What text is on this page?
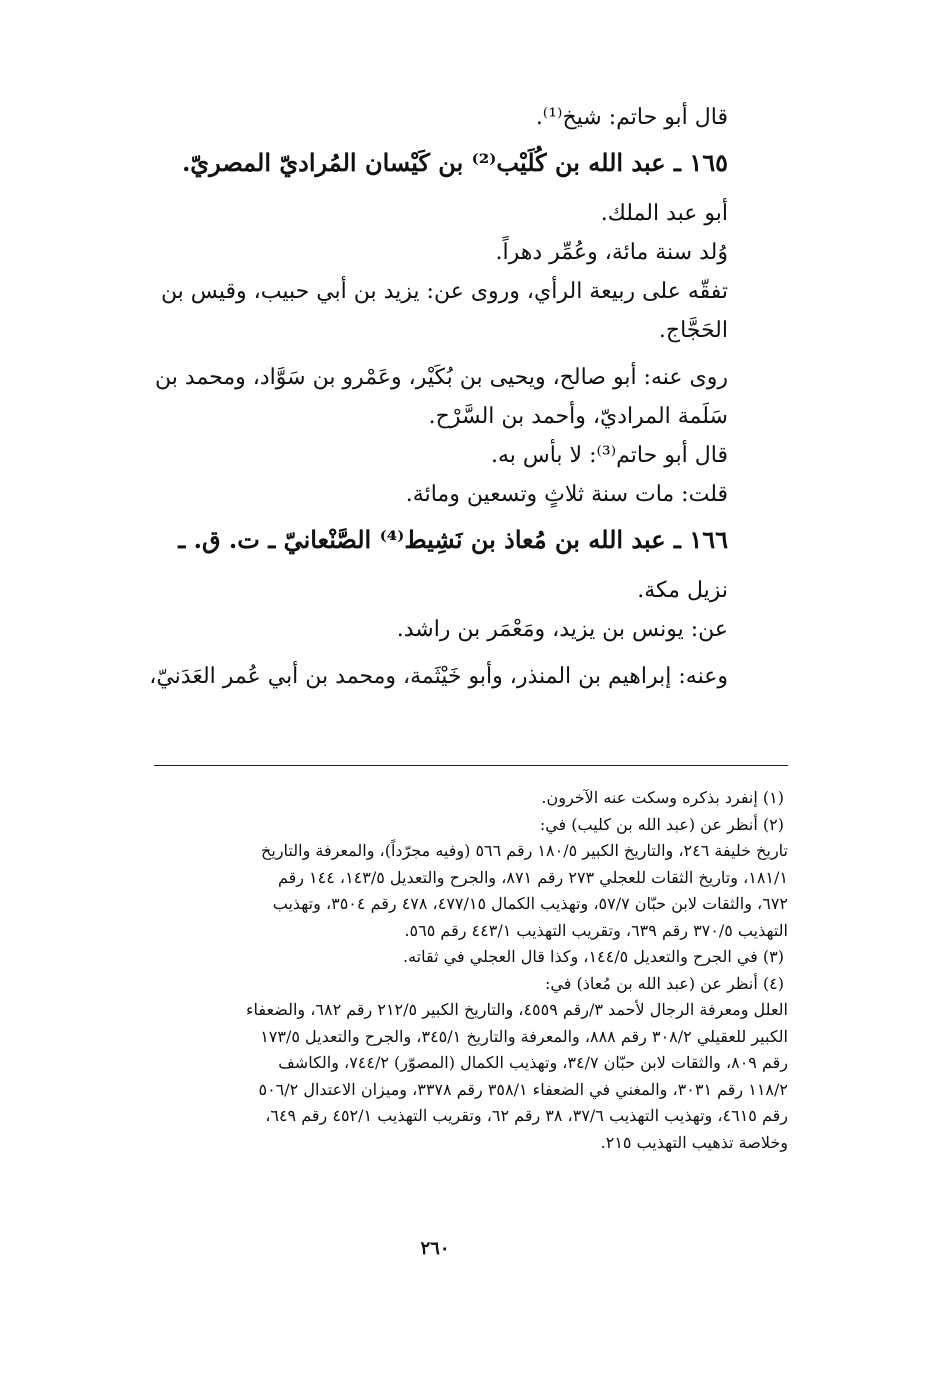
قال أبو حاتم: شيخ⁽¹⁾.
١٦٥ ـ عبد الله بن كُلَيْب⁽²⁾ بن كَيْسان المُراديّ المصريّ.
أبو عبد الملك.
وُلد سنة مائة، وعُمِّر دهراً.
تفقّه على ربيعة الرأي، وروى عن: يزيد بن أبي حبيب، وقيس بن
الحَجَّاج.
روى عنه: أبو صالح، ويحيى بن بُكَيْر، وعَمْرو بن سَوَّاد، ومحمد بن
سَلَمة المراديّ، وأحمد بن السَّرْح.
قال أبو حاتم⁽³⁾: لا بأس به.
قلت: مات سنة ثلاثٍ وتسعين ومائة.
١٦٦ ـ عبد الله بن مُعاذ بن نَشِيط⁽⁴⁾ الصَّنْعانيّ ـ ت. ق. ـ
نزيل مكة.
عن: يونس بن يزيد، ومَعْمَر بن راشد.
وعنه: إبراهيم بن المنذر، وأبو خَيْثَمة، ومحمد بن أبي عُمر العَدَنيّ،
(١) إنفرد بذكره وسكت عنه الآخرون.
(٢) أنظر عن (عبد الله بن كليب) في:
تاريخ خليفة ٢٤٦، والتاريخ الكبير ١٨٠/٥ رقم ٥٦٦ (وفيه مجرّداً)، والمعرفة والتاريخ
١٨١/١، وتاريخ الثقات للعجلي ٢٧٣ رقم ٨٧١، والجرح والتعديل ١٤٣/٥، ١٤٤ رقم
٦٧٢، والثقات لابن حبّان ٥٧/٧، وتهذيب الكمال ٤٧٧/١٥، ٤٧٨ رقم ٣٥٠٤، وتهذيب
التهذيب ٣٧٠/٥ رقم ٦٣٩، وتقريب التهذيب ٤٤٣/١ رقم ٥٦٥.
(٣) في الجرح والتعديل ١٤٤/٥، وكذا قال العجلي في ثقاته.
(٤) أنظر عن (عبد الله بن مُعاذ) في:
العلل ومعرفة الرجال لأحمد ٣/رقم ٤٥٥٩، والتاريخ الكبير ٢١٢/٥ رقم ٦٨٢، والضعفاء
الكبير للعقيلي ٣٠٨/٢ رقم ٨٨٨، والمعرفة والتاريخ ٣٤٥/١، والجرح والتعديل ١٧٣/٥
رقم ٨٠٩، والثقات لابن حبّان ٣٤/٧، وتهذيب الكمال (المصوّر) ٧٤٤/٢، والكاشف
١١٨/٢ رقم ٣٠٣١، والمغني في الضعفاء ٣٥٨/١ رقم ٣٣٧٨، وميزان الاعتدال ٥٠٦/٢
رقم ٤٦١٥، وتهذيب التهذيب ٣٧/٦، ٣٨ رقم ٦٢، وتقريب التهذيب ٤٥٢/١ رقم ٦٤٩،
وخلاصة تذهيب التهذيب ٢١٥.
٢٦٠
